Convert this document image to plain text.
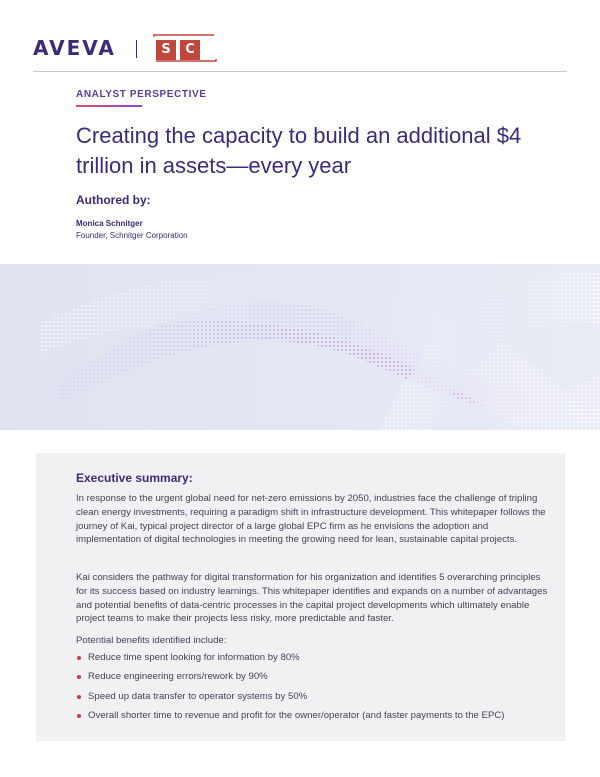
AVEVA	S	C
ANALYST PERSPECTIVE
Creating the capacity to build an additional $4 trillion in assets—every year
Authored by:
Monica Schnitger
Founder, Schnitger Corporation
Executive summary:

In response to the urgent global need for net-zero emissions by 2050, industries face the challenge of tripling clean energy investments, requiring a paradigm shift in infrastructure development. This whitepaper follows the journey of Kai, typical project director of a large global EPC firm as he envisions the adoption and implementation of digital technologies in meeting the growing need for lean, sustainable capital projects.

Kai considers the pathway for digital transformation for his organization and identifies 5 overarching principles for its success based on industry learnings. This whitepaper identifies and expands on a number of advantages and potential benefits of data-centric processes in the capital project developments which ultimately enable project teams to make their projects less risky, more predictable and faster.

Potential benefits identified include:

Reduce time spent looking for information by 80%
Reduce engineering errors/rework by 90%
Speed up data transfer to operator systems by 50%
Overall shorter time to revenue and profit for the owner/operator (and faster payments to the EPC)
